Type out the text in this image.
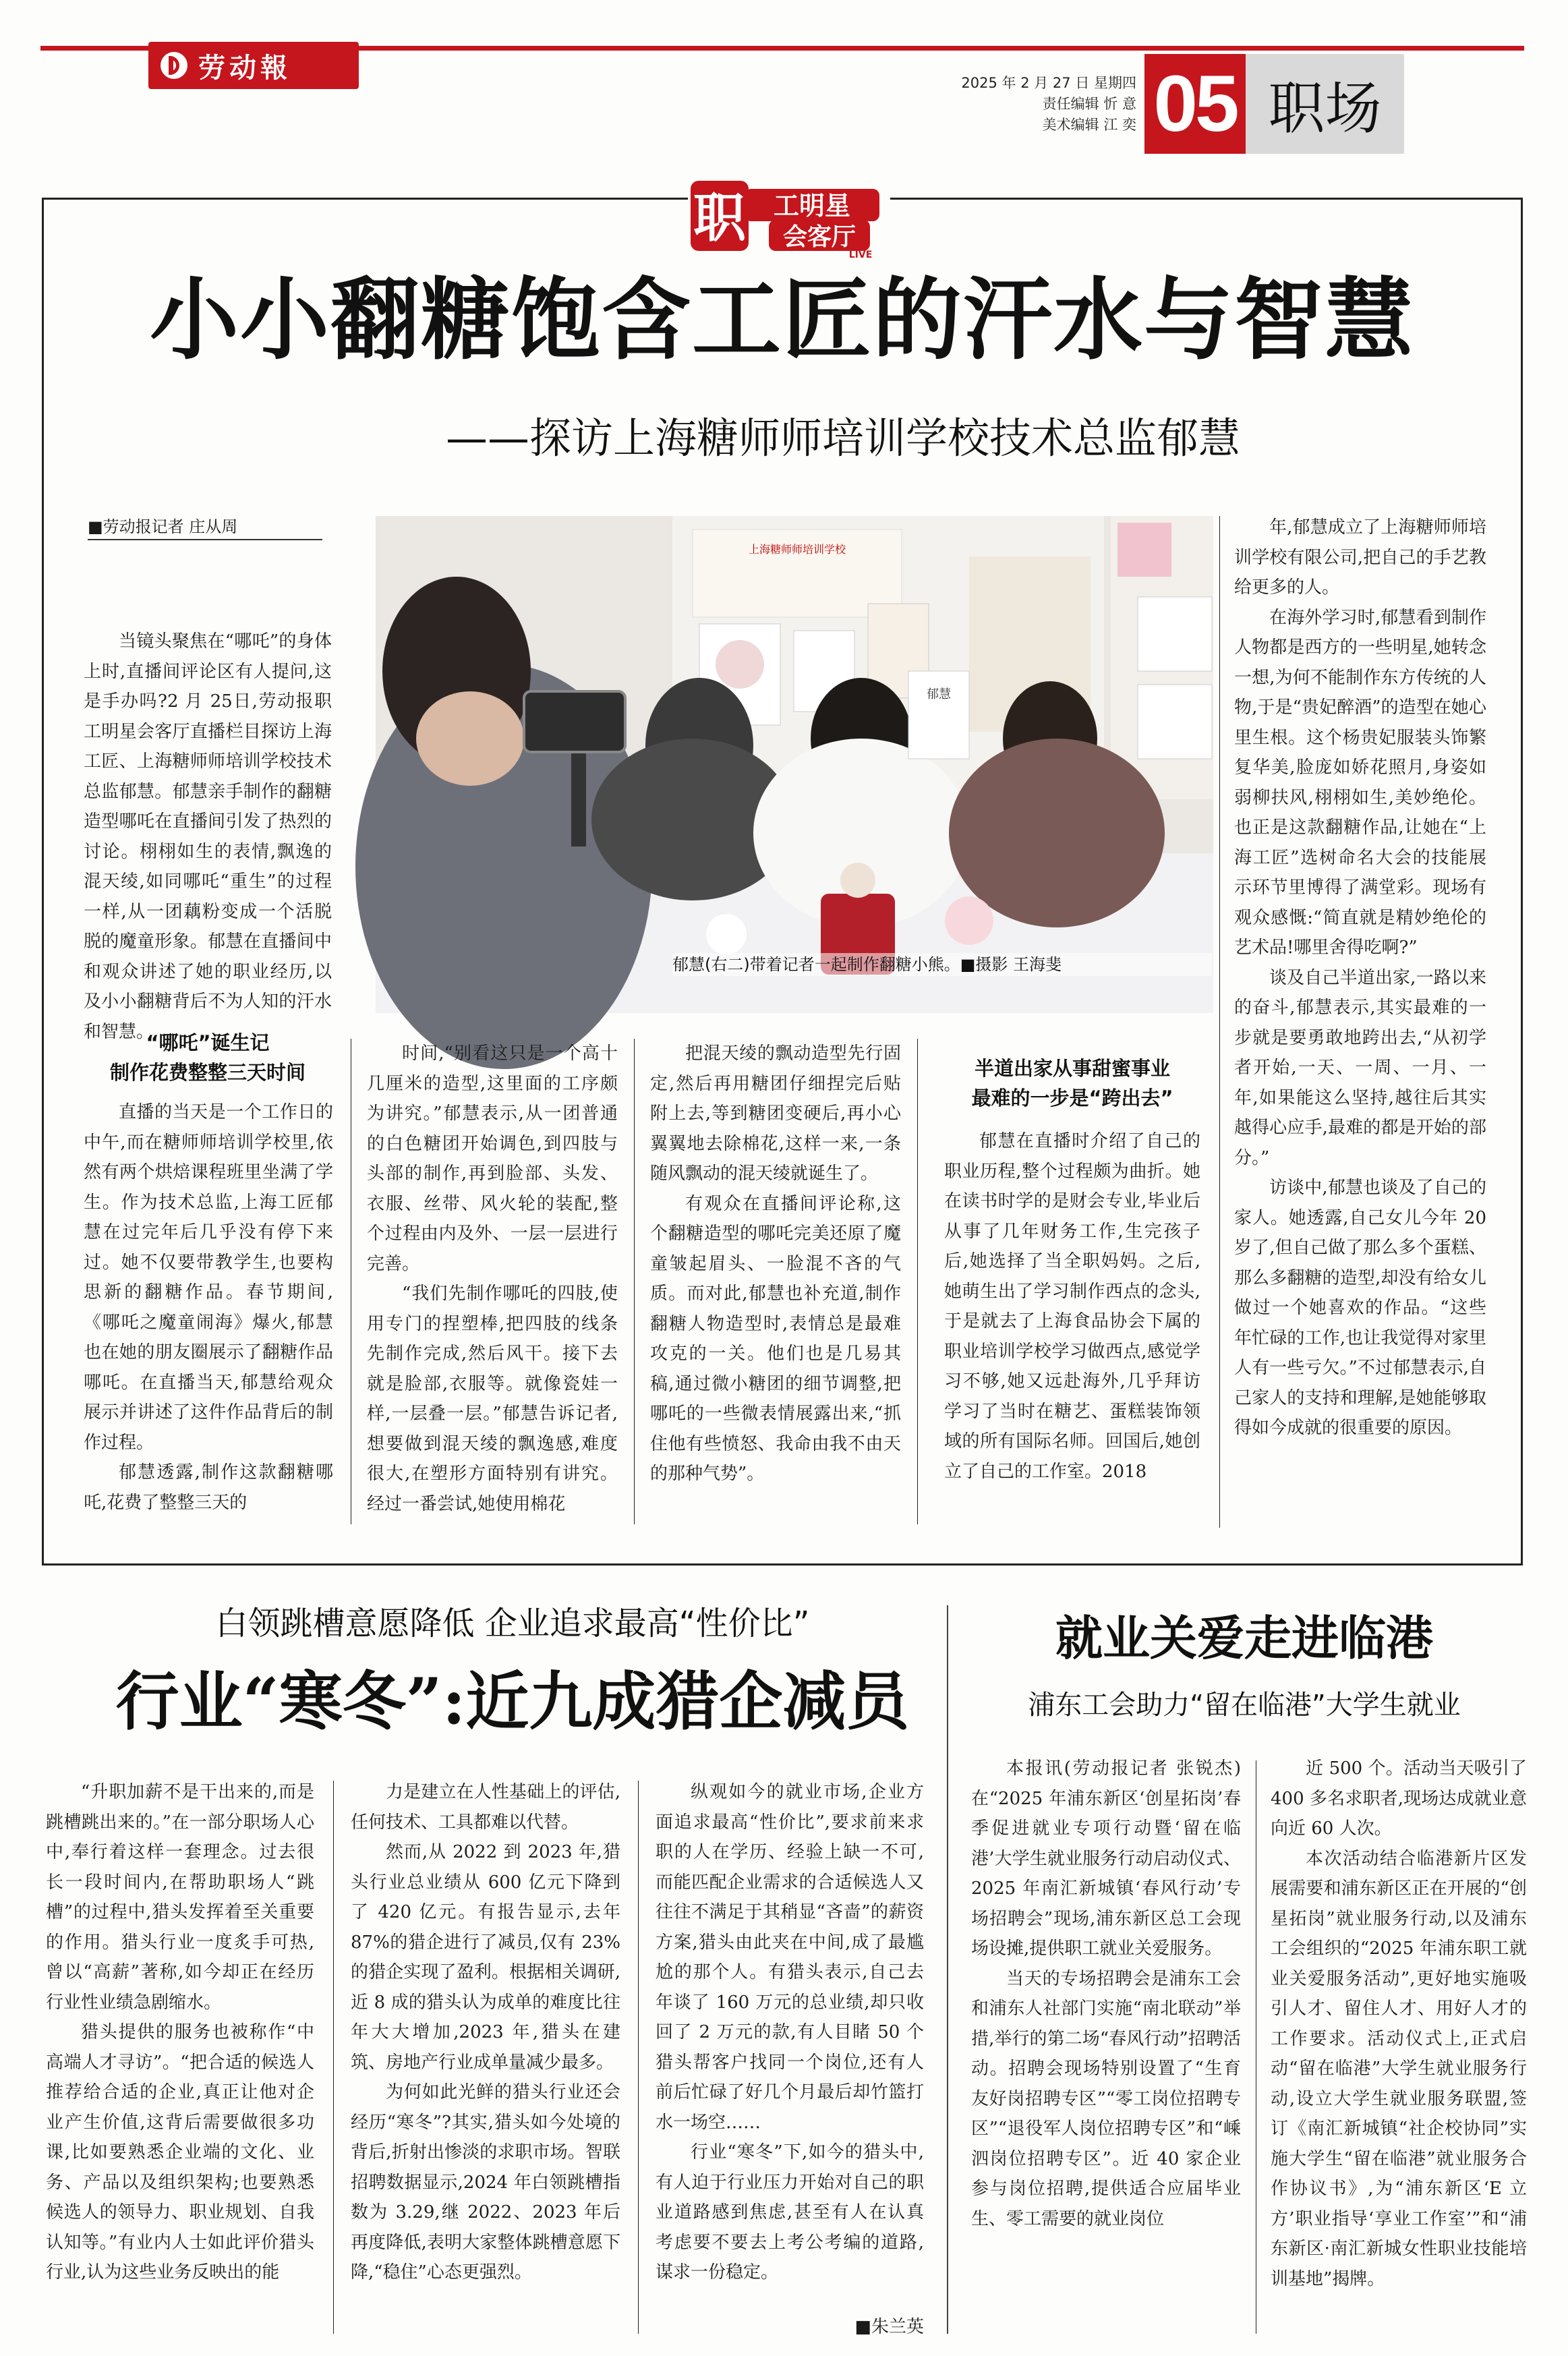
劳动報	2025 年 2 月 27 日 星期四
责任编辑 忻 意
美术编辑 江 奕 05 职场
职 工明星
会客厅
LIVE
小小翻糖饱含工匠的汗水与智慧
——探访上海糖师师培训学校技术总监郁慧
■劳动报记者 庄从周
上海糖师师培训学校
郁慧
郁慧(右二)带着记者一起制作翻糖小熊。■摄影 王海斐

当镜头聚焦在“哪吒”的身体上时,直播间评论区有人提问,这是手办吗?2 月 25日,劳动报职工明星会客厅直播栏目探访上海工匠、上海糖师师培训学校技术总监郁慧。郁慧亲手制作的翻糖造型哪吒在直播间引发了热烈的讨论。栩栩如生的表情,飘逸的混天绫,如同哪吒“重生”的过程一样,从一团藕粉变成一个活脱脱的魔童形象。郁慧在直播间中和观众讲述了她的职业经历,以及小小翻糖背后不为人知的汗水和智慧。

“哪吒”诞生记
制作花费整整三天时间

直播的当天是一个工作日的中午,而在糖师师培训学校里,依然有两个烘焙课程班里坐满了学生。作为技术总监,上海工匠郁慧在过完年后几乎没有停下来过。她不仅要带教学生,也要构思新的翻糖作品。春节期间,《哪吒之魔童闹海》爆火,郁慧也在她的朋友圈展示了翻糖作品哪吒。在直播当天,郁慧给观众展示并讲述了这件作品背后的制作过程。

郁慧透露,制作这款翻糖哪吒,花费了整整三天的

时间,“别看这只是一个高十几厘米的造型,这里面的工序颇为讲究。”郁慧表示,从一团普通的白色糖团开始调色,到四肢与头部的制作,再到脸部、头发、衣服、丝带、风火轮的装配,整个过程由内及外、一层一层进行完善。

“我们先制作哪吒的四肢,使用专门的捏塑棒,把四肢的线条先制作完成,然后风干。接下去就是脸部,衣服等。就像瓷娃一样,一层叠一层。”郁慧告诉记者,想要做到混天绫的飘逸感,难度很大,在塑形方面特别有讲究。经过一番尝试,她使用棉花

把混天绫的飘动造型先行固定,然后再用糖团仔细捏完后贴附上去,等到糖团变硬后,再小心翼翼地去除棉花,这样一来,一条随风飘动的混天绫就诞生了。

有观众在直播间评论称,这个翻糖造型的哪吒完美还原了魔童皱起眉头、一脸混不吝的气质。而对此,郁慧也补充道,制作翻糖人物造型时,表情总是最难攻克的一关。他们也是几易其稿,通过微小糖团的细节调整,把哪吒的一些微表情展露出来,“抓住他有些愤怒、我命由我不由天的那种气势”。

半道出家从事甜蜜事业
最难的一步是“跨出去”

郁慧在直播时介绍了自己的职业历程,整个过程颇为曲折。她在读书时学的是财会专业,毕业后从事了几年财务工作,生完孩子后,她选择了当全职妈妈。之后,她萌生出了学习制作西点的念头,于是就去了上海食品协会下属的职业培训学校学习做西点,感觉学习不够,她又远赴海外,几乎拜访学习了当时在糖艺、蛋糕装饰领域的所有国际名师。回国后,她创立了自己的工作室。2018

年,郁慧成立了上海糖师师培训学校有限公司,把自己的手艺教给更多的人。

在海外学习时,郁慧看到制作人物都是西方的一些明星,她转念一想,为何不能制作东方传统的人物,于是“贵妃醉酒”的造型在她心里生根。这个杨贵妃服装头饰繁复华美,脸庞如娇花照月,身姿如弱柳扶风,栩栩如生,美妙绝伦。也正是这款翻糖作品,让她在“上海工匠”选树命名大会的技能展示环节里博得了满堂彩。现场有观众感慨:“简直就是精妙绝伦的艺术品!哪里舍得吃啊?”

谈及自己半道出家,一路以来的奋斗,郁慧表示,其实最难的一步就是要勇敢地跨出去,“从初学者开始,一天、一周、一月、一年,如果能这么坚持,越往后其实越得心应手,最难的都是开始的部分。”

访谈中,郁慧也谈及了自己的家人。她透露,自己女儿今年 20 岁了,但自己做了那么多个蛋糕、那么多翻糖的造型,却没有给女儿做过一个她喜欢的作品。“这些年忙碌的工作,也让我觉得对家里人有一些亏欠。”不过郁慧表示,自己家人的支持和理解,是她能够取得如今成就的很重要的原因。

白领跳槽意愿降低 企业追求最高“性价比”
行业“寒冬”:近九成猎企减员

“升职加薪不是干出来的,而是跳槽跳出来的。”在一部分职场人心中,奉行着这样一套理念。过去很长一段时间内,在帮助职场人“跳槽”的过程中,猎头发挥着至关重要的作用。猎头行业一度炙手可热,曾以“高薪”著称,如今却正在经历行业性业绩急剧缩水。

猎头提供的服务也被称作“中高端人才寻访”。“把合适的候选人推荐给合适的企业,真正让他对企业产生价值,这背后需要做很多功课,比如要熟悉企业端的文化、业务、产品以及组织架构;也要熟悉候选人的领导力、职业规划、自我认知等。”有业内人士如此评价猎头行业,认为这些业务反映出的能

力是建立在人性基础上的评估,任何技术、工具都难以代替。

然而,从 2022 到 2023 年,猎头行业总业绩从 600 亿元下降到了 420 亿元。有报告显示,去年 87%的猎企进行了减员,仅有 23%的猎企实现了盈利。根据相关调研,近 8 成的猎头认为成单的难度比往年大大增加,2023 年,猎头在建筑、房地产行业成单量减少最多。

为何如此光鲜的猎头行业还会经历“寒冬”?其实,猎头如今处境的背后,折射出惨淡的求职市场。智联招聘数据显示,2024 年白领跳槽指数为 3.29,继 2022、2023 年后再度降低,表明大家整体跳槽意愿下降,“稳住”心态更强烈。

纵观如今的就业市场,企业方面追求最高“性价比”,要求前来求职的人在学历、经验上缺一不可,而能匹配企业需求的合适候选人又往往不满足于其稍显“吝啬”的薪资方案,猎头由此夹在中间,成了最尴尬的那个人。有猎头表示,自己去年谈了 160 万元的总业绩,却只收回了 2 万元的款,有人目睹 50 个猎头帮客户找同一个岗位,还有人前后忙碌了好几个月最后却竹篮打水一场空……

行业“寒冬”下,如今的猎头中,有人迫于行业压力开始对自己的职业道路感到焦虑,甚至有人在认真考虑要不要去上考公考编的道路,谋求一份稳定。

■朱兰英
就业关爱走进临港
浦东工会助力“留在临港”大学生就业

本报讯(劳动报记者 张锐杰)在“2025 年浦东新区‘创星拓岗’春季促进就业专项行动暨‘留在临港’大学生就业服务行动启动仪式、2025 年南汇新城镇‘春风行动’专场招聘会”现场,浦东新区总工会现场设摊,提供职工就业关爱服务。

当天的专场招聘会是浦东工会和浦东人社部门实施“南北联动”举措,举行的第二场“春风行动”招聘活动。招聘会现场特别设置了“生育友好岗招聘专区”“零工岗位招聘专区”“退役军人岗位招聘专区”和“嵊泗岗位招聘专区”。近 40 家企业参与岗位招聘,提供适合应届毕业生、零工需要的就业岗位

近 500 个。活动当天吸引了 400 多名求职者,现场达成就业意向近 60 人次。

本次活动结合临港新片区发展需要和浦东新区正在开展的“创星拓岗”就业服务行动,以及浦东工会组织的“2025 年浦东职工就业关爱服务活动”,更好地实施吸引人才、留住人才、用好人才的工作要求。活动仪式上,正式启动“留在临港”大学生就业服务行动,设立大学生就业服务联盟,签订《南汇新城镇“社企校协同”实施大学生“留在临港”就业服务合作协议书》,为“浦东新区‘E 立方’职业指导‘享业工作室’”和“浦东新区·南汇新城女性职业技能培训基地”揭牌。
